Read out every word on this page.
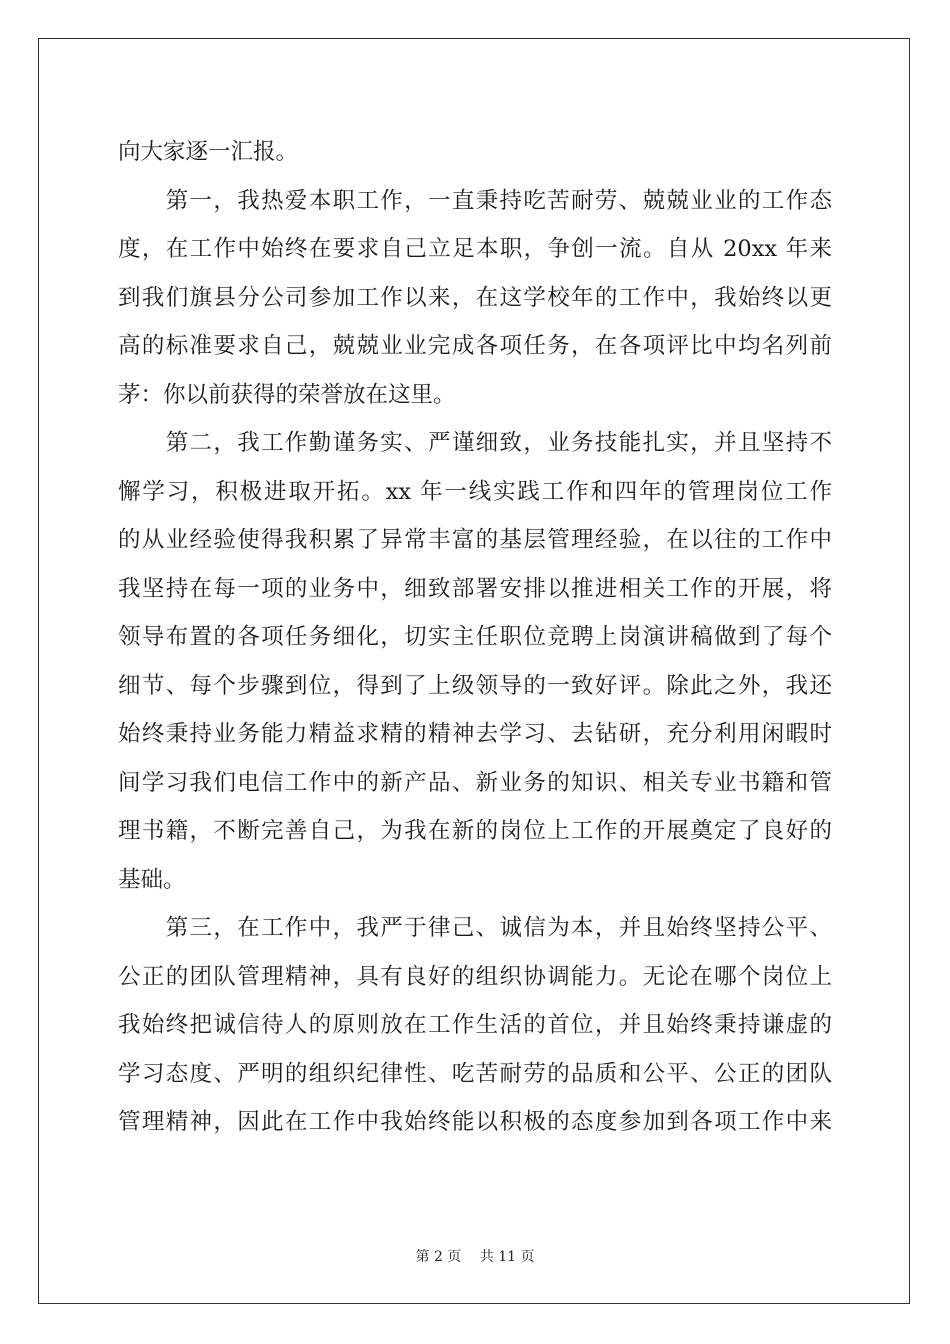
向大家逐一汇报。
　　第一，我热爱本职工作，一直秉持吃苦耐劳、兢兢业业的工作态
度，在工作中始终在要求自己立足本职，争创一流。自从 20xx 年来
到我们旗县分公司参加工作以来，在这学校年的工作中，我始终以更
高的标准要求自己，兢兢业业完成各项任务，在各项评比中均名列前
茅：你以前获得的荣誉放在这里。
　　第二，我工作勤谨务实、严谨细致，业务技能扎实，并且坚持不
懈学习，积极进取开拓。xx 年一线实践工作和四年的管理岗位工作
的从业经验使得我积累了异常丰富的基层管理经验，在以往的工作中
我坚持在每一项的业务中，细致部署安排以推进相关工作的开展，将
领导布置的各项任务细化，切实主任职位竞聘上岗演讲稿做到了每个
细节、每个步骤到位，得到了上级领导的一致好评。除此之外，我还
始终秉持业务能力精益求精的精神去学习、去钻研，充分利用闲暇时
间学习我们电信工作中的新产品、新业务的知识、相关专业书籍和管
理书籍，不断完善自己，为我在新的岗位上工作的开展奠定了良好的
基础。
　　第三，在工作中，我严于律己、诚信为本，并且始终坚持公平、
公正的团队管理精神，具有良好的组织协调能力。无论在哪个岗位上
我始终把诚信待人的原则放在工作生活的首位，并且始终秉持谦虚的
学习态度、严明的组织纪律性、吃苦耐劳的品质和公平、公正的团队
管理精神，因此在工作中我始终能以积极的态度参加到各项工作中来
第 2 页　 共 11 页
